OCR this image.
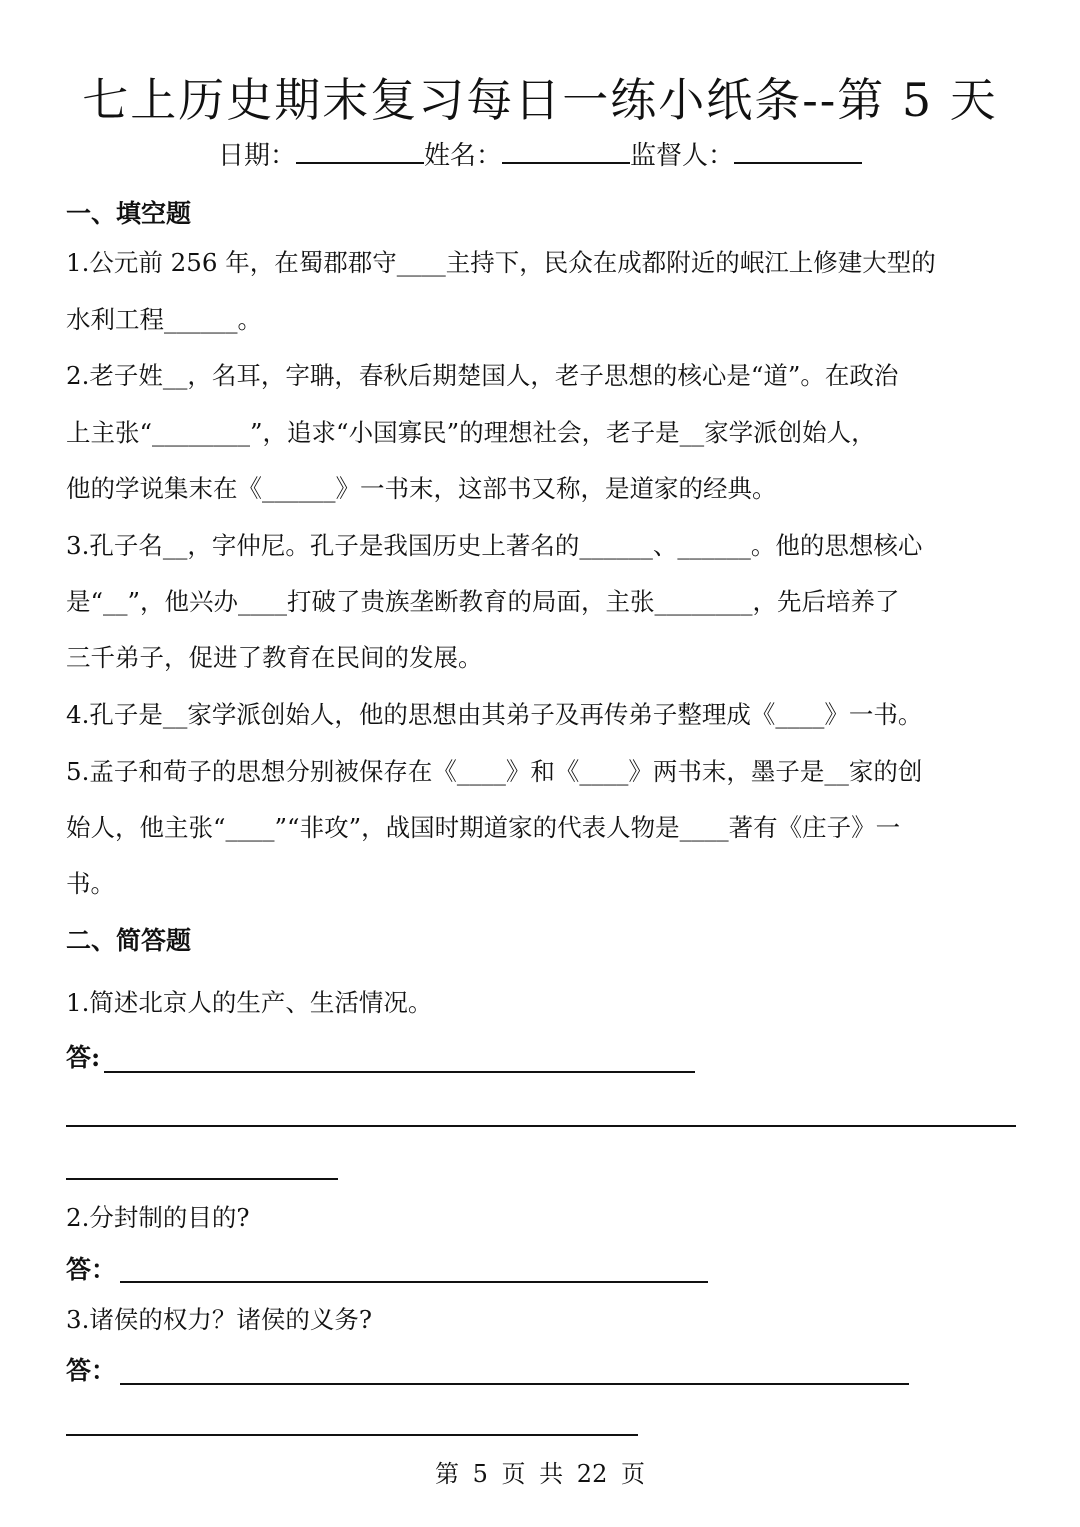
七上历史期末复习每日一练小纸条--第 5 天
日期：	姓名：	监督人：
一、填空题
1.公元前 256 年，在蜀郡郡守____主持下，民众在成都附近的岷江上修建大型的
水利工程______。
2.老子姓__，名耳，字聃，春秋后期楚国人，老子思想的核心是“道”。在政治
上主张“________”，追求“小国寡民”的理想社会，老子是__家学派创始人，
他的学说集末在《______》一书末，这部书又称，是道家的经典。
3.孔子名__，字仲尼。孔子是我国历史上著名的______、______。他的思想核心
是“__”，他兴办____打破了贵族垄断教育的局面，主张________，先后培养了
三千弟子，促进了教育在民间的发展。
4.孔子是__家学派创始人，他的思想由其弟子及再传弟子整理成《____》一书。
5.孟子和荀子的思想分别被保存在《____》和《____》两书末，墨子是__家的创
始人，他主张“____”“非攻”，战国时期道家的代表人物是____著有《庄子》一
书。
二、简答题
1.简述北京人的生产、生活情况。
答:
2.分封制的目的?
答：
3.诸侯的权力？诸侯的义务?
答：
第 5 页 共 22 页
